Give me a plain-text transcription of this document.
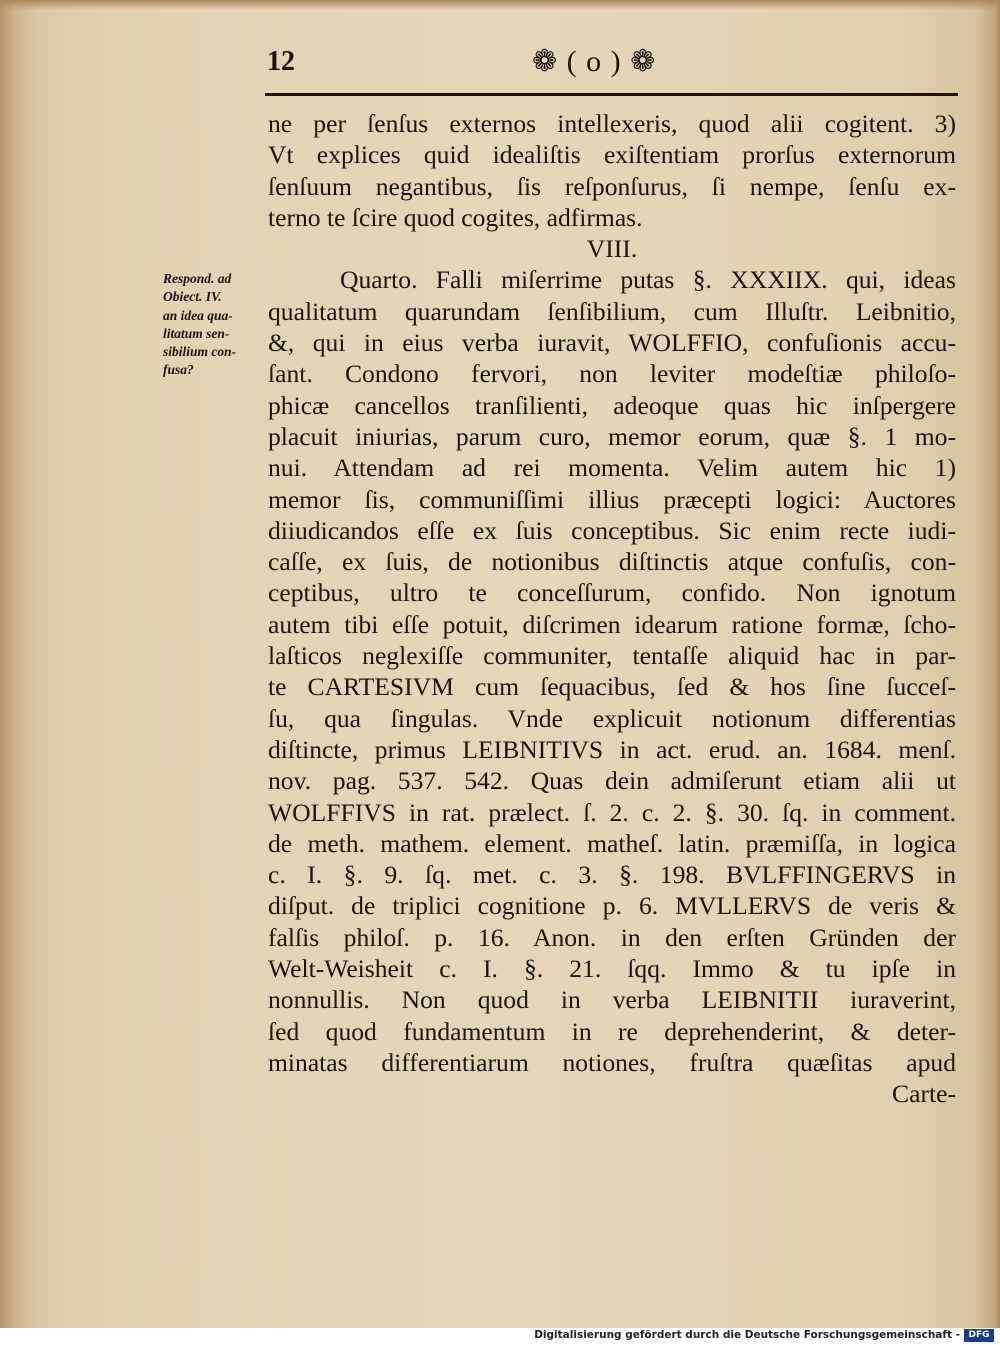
12	❁ ( o ) ❁
Respond. ad
Obiect. IV.
an idea qua-
litatum sen-
sibilium con-
fusa?
ne per ſenſus externos intellexeris, quod alii cogitent. 3)
Vt explices quid idealiſtis exiſtentiam prorſus externorum
ſenſuum negantibus, ſis reſponſurus, ſi nempe, ſenſu ex-
terno te ſcire quod cogites, adfirmas.
VIII.
Quarto. Falli miſerrime putas §. XXXIIX. qui, ideas
qualitatum quarundam ſenſibilium, cum Illuſtr. Leibnitio,
&, qui in eius verba iuravit, WOLFFIO, confuſionis accu-
ſant. Condono fervori, non leviter modeſtiæ philoſo-
phicæ cancellos tranſilienti, adeoque quas hic inſpergere
placuit iniurias, parum curo, memor eorum, quæ §. 1 mo-
nui. Attendam ad rei momenta. Velim autem hic 1)
memor ſis, communiſſimi illius præcepti logici: Auctores
diiudicandos eſſe ex ſuis conceptibus. Sic enim recte iudi-
caſſe, ex ſuis, de notionibus diſtinctis atque confuſis, con-
ceptibus, ultro te conceſſurum, confido. Non ignotum
autem tibi eſſe potuit, diſcrimen idearum ratione formæ, ſcho-
laſticos neglexiſſe communiter, tentaſſe aliquid hac in par-
te CARTESIVM cum ſequacibus, ſed & hos ſine ſucceſ-
ſu, qua ſingulas. Vnde explicuit notionum differentias
diſtincte, primus LEIBNITIVS in act. erud. an. 1684. menſ.
nov. pag. 537. 542. Quas dein admiſerunt etiam alii ut
WOLFFIVS in rat. prælect. ſ. 2. c. 2. §. 30. ſq. in comment.
de meth. mathem. element. matheſ. latin. præmiſſa, in logica
c. I. §. 9. ſq. met. c. 3. §. 198. BVLFFINGERVS in
diſput. de triplici cognitione p. 6. MVLLERVS de veris &
falſis philoſ. p. 16. Anon. in den erſten Gründen der
Welt-Weisheit c. I. §. 21. ſqq. Immo & tu ipſe in
nonnullis. Non quod in verba LEIBNITII iuraverint,
ſed quod fundamentum in re deprehenderint, & deter-
minatas differentiarum notiones, fruſtra quæſitas apud
Carte-
Digitalisierung gefördert durch die Deutsche Forschungsgemeinschaft - DFG
